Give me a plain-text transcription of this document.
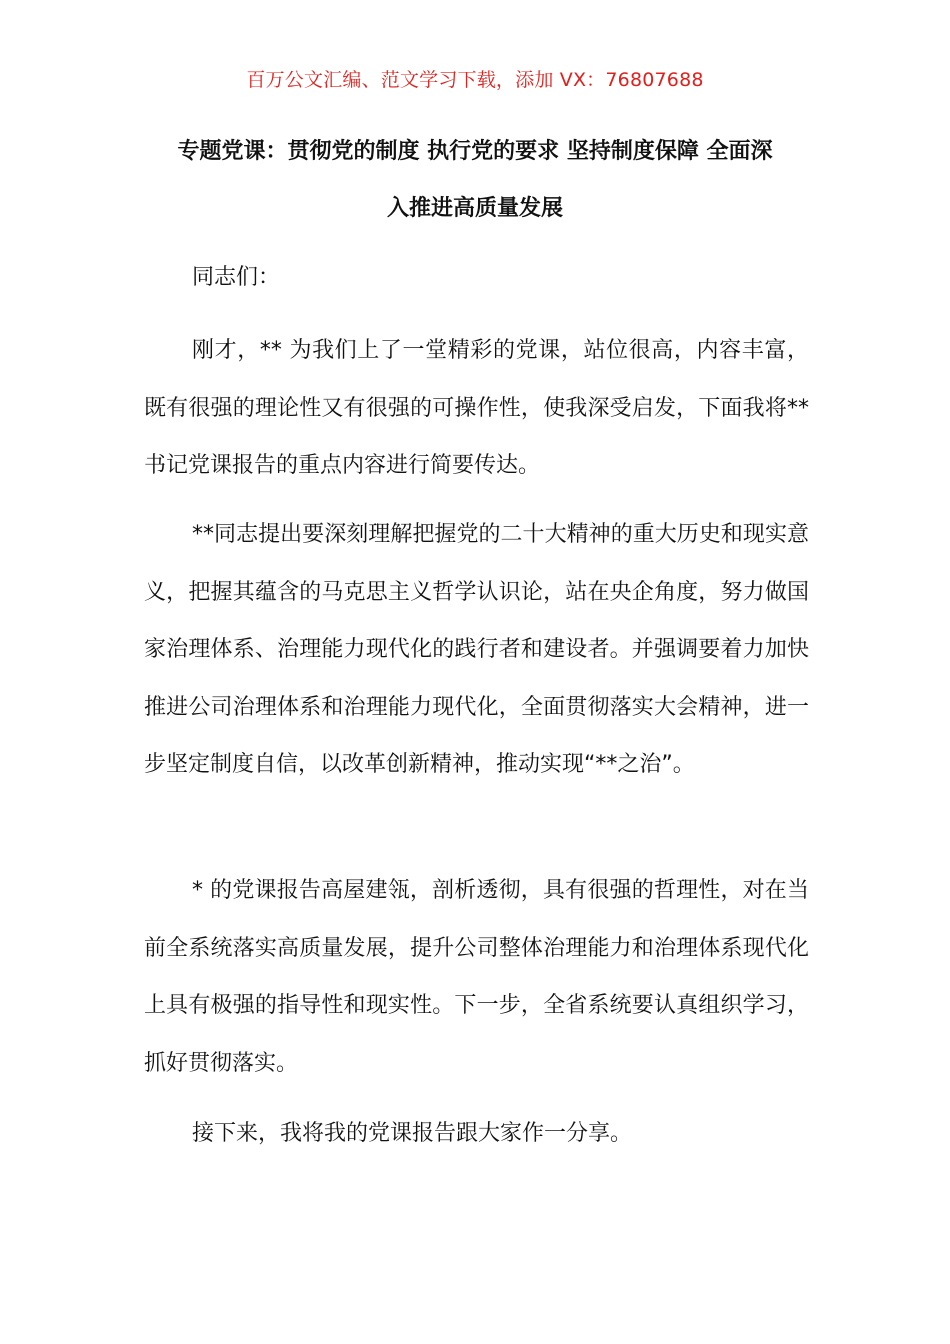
百万公文汇编、范文学习下载，添加 VX：76807688
专题党课：贯彻党的制度 执行党的要求 坚持制度保障 全面深
入推进高质量发展
同志们：
刚才，** 为我们上了一堂精彩的党课，站位很高，内容丰富，既有很强的理论性又有很强的可操作性，使我深受启发，下面我将**书记党课报告的重点内容进行简要传达。
**同志提出要深刻理解把握党的二十大精神的重大历史和现实意义，把握其蕴含的马克思主义哲学认识论，站在央企角度，努力做国家治理体系、治理能力现代化的践行者和建设者。并强调要着力加快推进公司治理体系和治理能力现代化，全面贯彻落实大会精神，进一步坚定制度自信，以改革创新精神，推动实现“**之治”。
* 的党课报告高屋建瓴，剖析透彻，具有很强的哲理性，对在当前全系统落实高质量发展，提升公司整体治理能力和治理体系现代化上具有极强的指导性和现实性。下一步，全省系统要认真组织学习，抓好贯彻落实。
接下来，我将我的党课报告跟大家作一分享。
